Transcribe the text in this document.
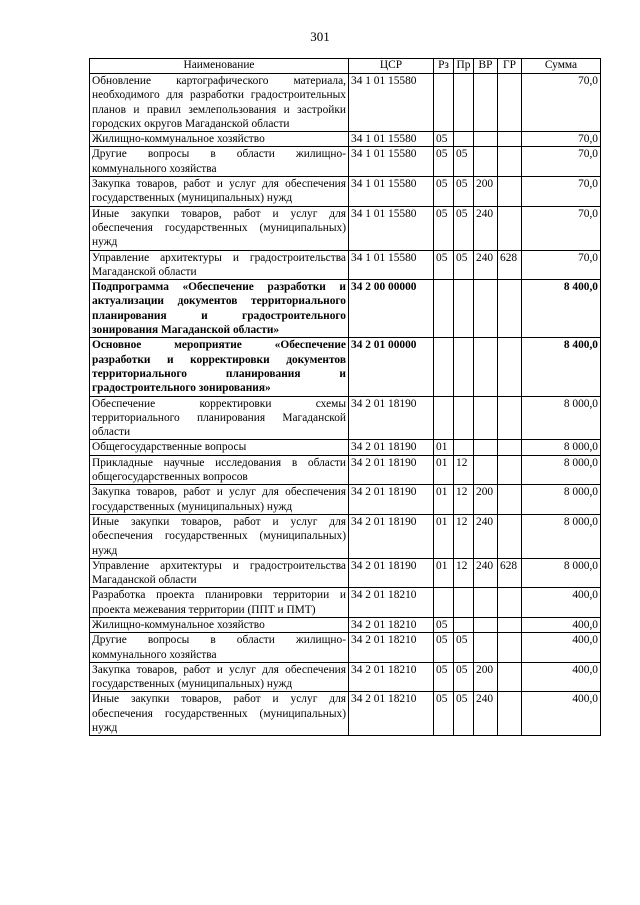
301
Наименование	ЦСР	Рз	Пр	ВР	ГР	Сумма
Обновление картографического материала, необходимого для разработки градостроительных планов и правил землепользования и застройки городских округов Магаданской области	34 1 01 15580					70,0
Жилищно-коммунальное хозяйство	34 1 01 15580	05				70,0
Другие вопросы в области жилищно-коммунального хозяйства	34 1 01 15580	05	05			70,0
Закупка товаров, работ и услуг для обеспечения государственных (муниципальных) нужд	34 1 01 15580	05	05	200		70,0
Иные закупки товаров, работ и услуг для обеспечения государственных (муниципальных) нужд	34 1 01 15580	05	05	240		70,0
Управление архитектуры и градостроительства Магаданской области	34 1 01 15580	05	05	240	628	70,0
Подпрограмма «Обеспечение разработки и актуализации документов территориального планирования и градостроительного зонирования Магаданской области»	34 2 00 00000					8 400,0
Основное мероприятие «Обеспечение разработки и корректировки документов территориального планирования и градостроительного зонирования»	34 2 01 00000					8 400,0
Обеспечение корректировки схемы территориального планирования Магаданской области	34 2 01 18190					8 000,0
Общегосударственные вопросы	34 2 01 18190	01				8 000,0
Прикладные научные исследования в области общегосударственных вопросов	34 2 01 18190	01	12			8 000,0
Закупка товаров, работ и услуг для обеспечения государственных (муниципальных) нужд	34 2 01 18190	01	12	200		8 000,0
Иные закупки товаров, работ и услуг для обеспечения государственных (муниципальных) нужд	34 2 01 18190	01	12	240		8 000,0
Управление архитектуры и градостроительства Магаданской области	34 2 01 18190	01	12	240	628	8 000,0
Разработка проекта планировки территории и проекта межевания территории (ППТ и ПМТ)	34 2 01 18210					400,0
Жилищно-коммунальное хозяйство	34 2 01 18210	05				400,0
Другие вопросы в области жилищно-коммунального хозяйства	34 2 01 18210	05	05			400,0
Закупка товаров, работ и услуг для обеспечения государственных (муниципальных) нужд	34 2 01 18210	05	05	200		400,0
Иные закупки товаров, работ и услуг для обеспечения государственных (муниципальных) нужд	34 2 01 18210	05	05	240		400,0
